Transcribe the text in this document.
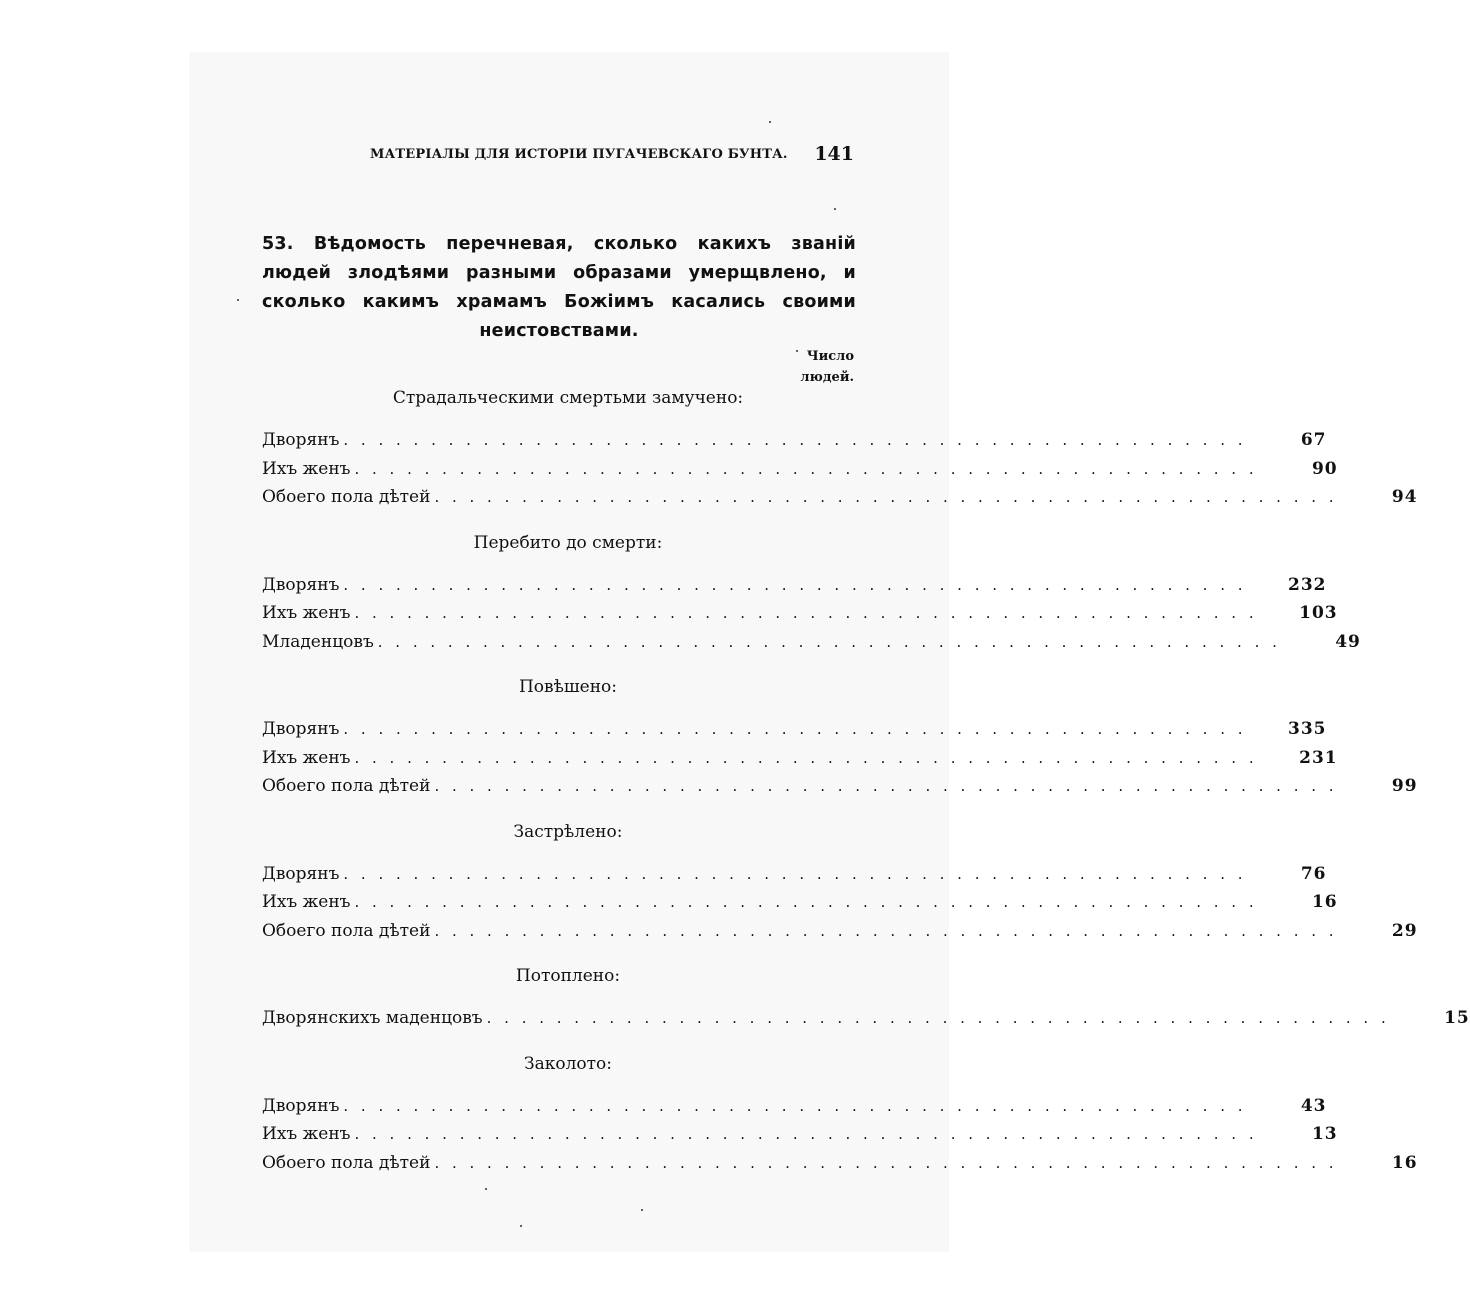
МАТЕРІАЛЫ ДЛЯ ИСТОРІИ ПУГАЧЕВСКАГО БУНТА. 141
53. Вѣдомость перечневая, сколько какихъ званій людей злодѣями разными образами умерщвлено, и сколько какимъ храмамъ Божіимъ касались своими неистовствами.
Число
людей.
Страдальческими смертьми замучено:
Дворянъ . . . . . . . . . . . . . . . . . . . . . . . . . . . . . . . . . . . . . . . . . . . . . . . . . . . .	67
Ихъ женъ . . . . . . . . . . . . . . . . . . . . . . . . . . . . . . . . . . . . . . . . . . . . . . . . . . . .	90
Обоего пола дѣтей . . . . . . . . . . . . . . . . . . . . . . . . . . . . . . . . . . . . . . . . . . . . . . . . . . . .	94
Перебито до смерти:
Дворянъ . . . . . . . . . . . . . . . . . . . . . . . . . . . . . . . . . . . . . . . . . . . . . . . . . . . .	232
Ихъ женъ . . . . . . . . . . . . . . . . . . . . . . . . . . . . . . . . . . . . . . . . . . . . . . . . . . . .	103
Младенцовъ . . . . . . . . . . . . . . . . . . . . . . . . . . . . . . . . . . . . . . . . . . . . . . . . . . . .	49
Повѣшено:
Дворянъ . . . . . . . . . . . . . . . . . . . . . . . . . . . . . . . . . . . . . . . . . . . . . . . . . . . .	335
Ихъ женъ . . . . . . . . . . . . . . . . . . . . . . . . . . . . . . . . . . . . . . . . . . . . . . . . . . . .	231
Обоего пола дѣтей . . . . . . . . . . . . . . . . . . . . . . . . . . . . . . . . . . . . . . . . . . . . . . . . . . . .	99
Застрѣлено:
Дворянъ . . . . . . . . . . . . . . . . . . . . . . . . . . . . . . . . . . . . . . . . . . . . . . . . . . . .	76
Ихъ женъ . . . . . . . . . . . . . . . . . . . . . . . . . . . . . . . . . . . . . . . . . . . . . . . . . . . .	16
Обоего пола дѣтей . . . . . . . . . . . . . . . . . . . . . . . . . . . . . . . . . . . . . . . . . . . . . . . . . . . .	29
Потоплено:
Дворянскихъ маденцовъ . . . . . . . . . . . . . . . . . . . . . . . . . . . . . . . . . . . . . . . . . . . . . . . . . . . .	15
Заколото:
Дворянъ . . . . . . . . . . . . . . . . . . . . . . . . . . . . . . . . . . . . . . . . . . . . . . . . . . . .	43
Ихъ женъ . . . . . . . . . . . . . . . . . . . . . . . . . . . . . . . . . . . . . . . . . . . . . . . . . . . .	13
Обоего пола дѣтей . . . . . . . . . . . . . . . . . . . . . . . . . . . . . . . . . . . . . . . . . . . . . . . . . . . .	16
